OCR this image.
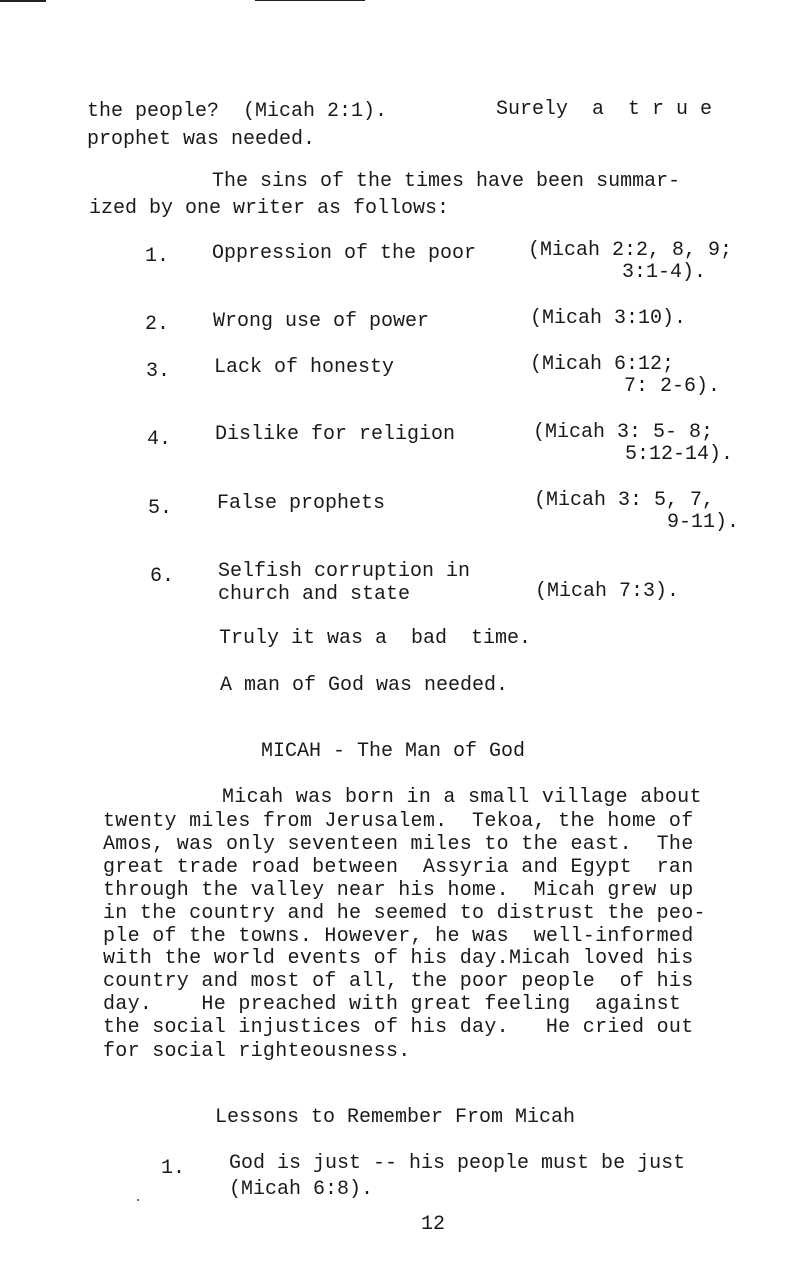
the people?  (Micah 2:1).	Surely  a  t r u e
prophet was needed.
The sins of the times have been summar-
ized by one writer as follows:
1. Oppression of the poor	(Micah 2:2, 8, 9;
3:1-4).
2. Wrong use of power	(Micah 3:10).
3. Lack of honesty	(Micah 6:12;
7: 2-6).
4. Dislike for religion	(Micah 3: 5- 8;
5:12-14).
5. False prophets	(Micah 3: 5, 7,
9-11).
6. Selfish corruption in
church and state	(Micah 7:3).
Truly it was a  bad  time.
A man of God was needed.
MICAH - The Man of God
Micah was born in a small village about
twenty miles from Jerusalem.  Tekoa, the home of
Amos, was only seventeen miles to the east.  The
great trade road between  Assyria and Egypt  ran
through the valley near his home.  Micah grew up
in the country and he seemed to distrust the peo-
ple of the towns. However, he was  well-informed
with the world events of his day.Micah loved his
country and most of all, the poor people  of his
day.    He preached with great feeling  against
the social injustices of his day.   He cried out
for social righteousness.
Lessons to Remember From Micah
1. God is just -- his people must be just
(Micah 6:8).
12
